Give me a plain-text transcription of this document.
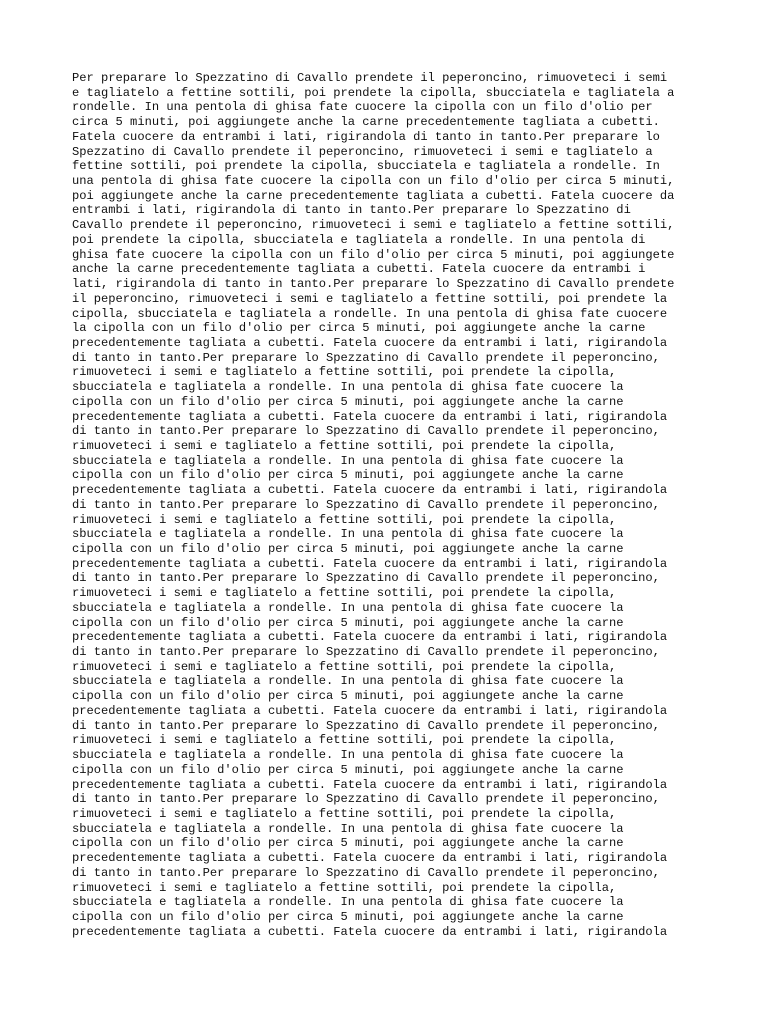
Per preparare lo Spezzatino di Cavallo prendete il peperoncino, rimuoveteci i semi
e tagliatelo a fettine sottili, poi prendete la cipolla, sbucciatela e tagliatela a
rondelle. In una pentola di ghisa fate cuocere la cipolla con un filo d'olio per
circa 5 minuti, poi aggiungete anche la carne precedentemente tagliata a cubetti.
Fatela cuocere da entrambi i lati, rigirandola di tanto in tanto.Per preparare lo
Spezzatino di Cavallo prendete il peperoncino, rimuoveteci i semi e tagliatelo a
fettine sottili, poi prendete la cipolla, sbucciatela e tagliatela a rondelle. In
una pentola di ghisa fate cuocere la cipolla con un filo d'olio per circa 5 minuti,
poi aggiungete anche la carne precedentemente tagliata a cubetti. Fatela cuocere da
entrambi i lati, rigirandola di tanto in tanto.Per preparare lo Spezzatino di
Cavallo prendete il peperoncino, rimuoveteci i semi e tagliatelo a fettine sottili,
poi prendete la cipolla, sbucciatela e tagliatela a rondelle. In una pentola di
ghisa fate cuocere la cipolla con un filo d'olio per circa 5 minuti, poi aggiungete
anche la carne precedentemente tagliata a cubetti. Fatela cuocere da entrambi i
lati, rigirandola di tanto in tanto.Per preparare lo Spezzatino di Cavallo prendete
il peperoncino, rimuoveteci i semi e tagliatelo a fettine sottili, poi prendete la
cipolla, sbucciatela e tagliatela a rondelle. In una pentola di ghisa fate cuocere
la cipolla con un filo d'olio per circa 5 minuti, poi aggiungete anche la carne
precedentemente tagliata a cubetti. Fatela cuocere da entrambi i lati, rigirandola
di tanto in tanto.Per preparare lo Spezzatino di Cavallo prendete il peperoncino,
rimuoveteci i semi e tagliatelo a fettine sottili, poi prendete la cipolla,
sbucciatela e tagliatela a rondelle. In una pentola di ghisa fate cuocere la
cipolla con un filo d'olio per circa 5 minuti, poi aggiungete anche la carne
precedentemente tagliata a cubetti. Fatela cuocere da entrambi i lati, rigirandola
di tanto in tanto.Per preparare lo Spezzatino di Cavallo prendete il peperoncino,
rimuoveteci i semi e tagliatelo a fettine sottili, poi prendete la cipolla,
sbucciatela e tagliatela a rondelle. In una pentola di ghisa fate cuocere la
cipolla con un filo d'olio per circa 5 minuti, poi aggiungete anche la carne
precedentemente tagliata a cubetti. Fatela cuocere da entrambi i lati, rigirandola
di tanto in tanto.Per preparare lo Spezzatino di Cavallo prendete il peperoncino,
rimuoveteci i semi e tagliatelo a fettine sottili, poi prendete la cipolla,
sbucciatela e tagliatela a rondelle. In una pentola di ghisa fate cuocere la
cipolla con un filo d'olio per circa 5 minuti, poi aggiungete anche la carne
precedentemente tagliata a cubetti. Fatela cuocere da entrambi i lati, rigirandola
di tanto in tanto.Per preparare lo Spezzatino di Cavallo prendete il peperoncino,
rimuoveteci i semi e tagliatelo a fettine sottili, poi prendete la cipolla,
sbucciatela e tagliatela a rondelle. In una pentola di ghisa fate cuocere la
cipolla con un filo d'olio per circa 5 minuti, poi aggiungete anche la carne
precedentemente tagliata a cubetti. Fatela cuocere da entrambi i lati, rigirandola
di tanto in tanto.Per preparare lo Spezzatino di Cavallo prendete il peperoncino,
rimuoveteci i semi e tagliatelo a fettine sottili, poi prendete la cipolla,
sbucciatela e tagliatela a rondelle. In una pentola di ghisa fate cuocere la
cipolla con un filo d'olio per circa 5 minuti, poi aggiungete anche la carne
precedentemente tagliata a cubetti. Fatela cuocere da entrambi i lati, rigirandola
di tanto in tanto.Per preparare lo Spezzatino di Cavallo prendete il peperoncino,
rimuoveteci i semi e tagliatelo a fettine sottili, poi prendete la cipolla,
sbucciatela e tagliatela a rondelle. In una pentola di ghisa fate cuocere la
cipolla con un filo d'olio per circa 5 minuti, poi aggiungete anche la carne
precedentemente tagliata a cubetti. Fatela cuocere da entrambi i lati, rigirandola
di tanto in tanto.Per preparare lo Spezzatino di Cavallo prendete il peperoncino,
rimuoveteci i semi e tagliatelo a fettine sottili, poi prendete la cipolla,
sbucciatela e tagliatela a rondelle. In una pentola di ghisa fate cuocere la
cipolla con un filo d'olio per circa 5 minuti, poi aggiungete anche la carne
precedentemente tagliata a cubetti. Fatela cuocere da entrambi i lati, rigirandola
di tanto in tanto.Per preparare lo Spezzatino di Cavallo prendete il peperoncino,
rimuoveteci i semi e tagliatelo a fettine sottili, poi prendete la cipolla,
sbucciatela e tagliatela a rondelle. In una pentola di ghisa fate cuocere la
cipolla con un filo d'olio per circa 5 minuti, poi aggiungete anche la carne
precedentemente tagliata a cubetti. Fatela cuocere da entrambi i lati, rigirandola
